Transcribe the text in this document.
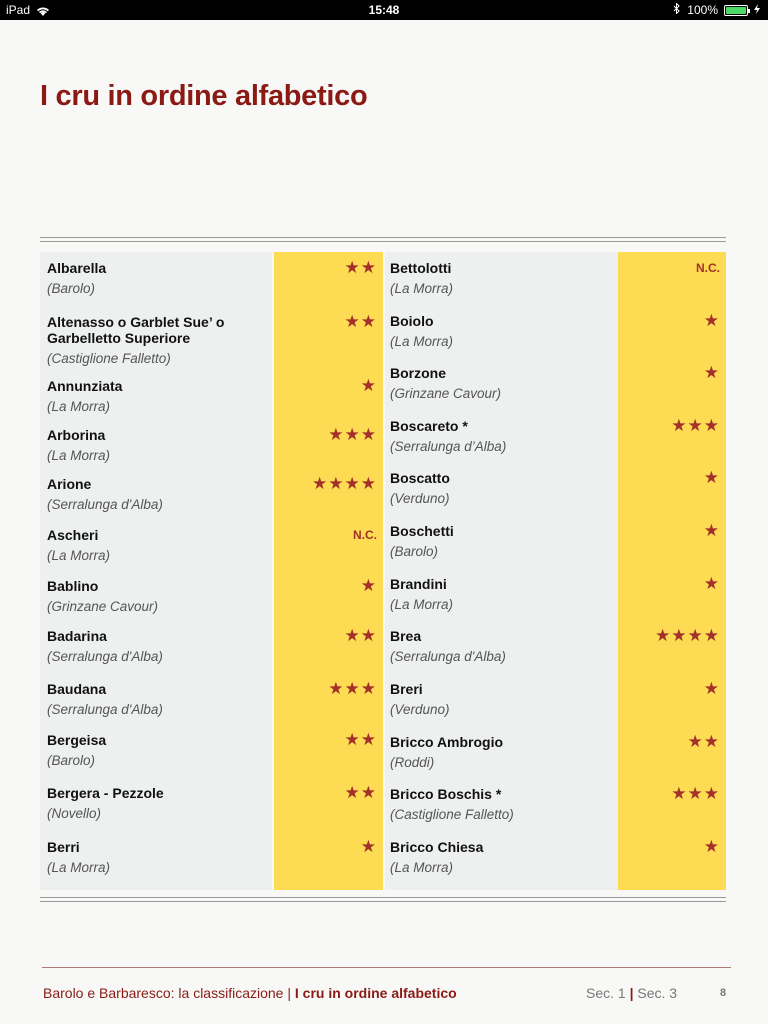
iPad	15:48	100%
I cru in ordine alfabetico
Albarella
(Barolo)
★★
Altenasso o Garblet Sue’ o Garbelletto Superiore
(Castiglione Falletto)
★★
Annunziata
(La Morra)
★
Arborina
(La Morra)
★★★
Arione
(Serralunga d'Alba)
★★★★
Ascheri
(La Morra)
N.C.
Bablino
(Grinzane Cavour)
★
Badarina
(Serralunga d'Alba)
★★
Baudana
(Serralunga d'Alba)
★★★
Bergeisa
(Barolo)
★★
Bergera - Pezzole
(Novello)
★★
Berri
(La Morra)
★
Bettolotti
(La Morra)
N.C.
Boiolo
(La Morra)
★
Borzone
(Grinzane Cavour)
★
Boscareto *
(Serralunga d’Alba)
★★★
Boscatto
(Verduno)
★
Boschetti
(Barolo)
★
Brandini
(La Morra)
★
Brea
(Serralunga d'Alba)
★★★★
Breri
(Verduno)
★
Bricco Ambrogio
(Roddi)
★★
Bricco Boschis *
(Castiglione Falletto)
★★★
Bricco Chiesa
(La Morra)
★
Barolo e Barbaresco: la classificazione | I cru in ordine alfabetico	Sec. 1 | Sec. 3	8
